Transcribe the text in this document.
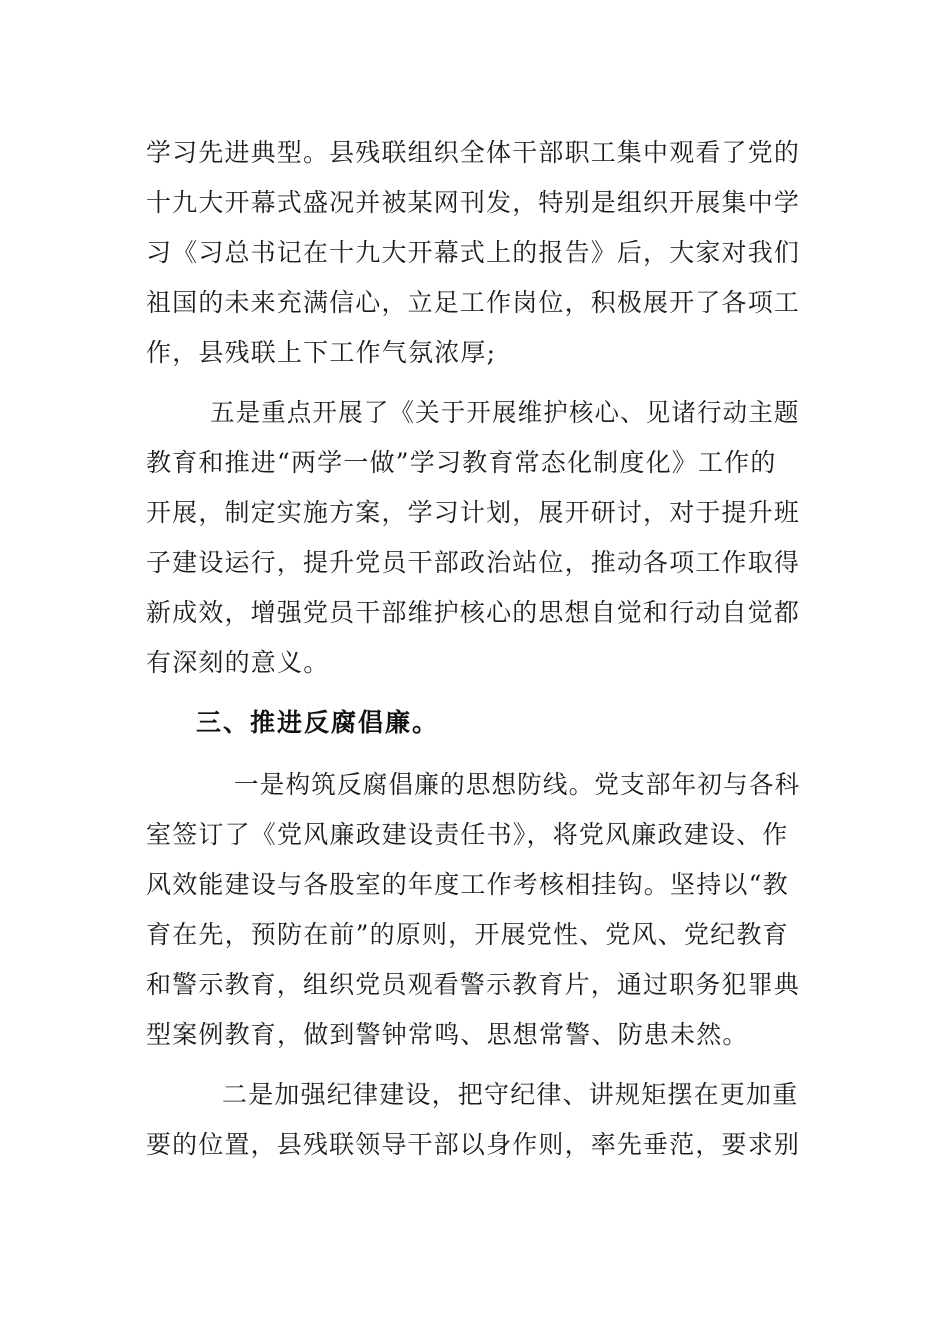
学习先进典型。县残联组织全体干部职工集中观看了党的
十九大开幕式盛况并被某网刊发，特别是组织开展集中学
习《习总书记在十九大开幕式上的报告》后，大家对我们
祖国的未来充满信心，立足工作岗位，积极展开了各项工
作，县残联上下工作气氛浓厚;
五是重点开展了《关于开展维护核心、见诸行动主题
教育和推进“两学一做”学习教育常态化制度化》工作的
开展，制定实施方案，学习计划，展开研讨，对于提升班
子建设运行，提升党员干部政治站位，推动各项工作取得
新成效，增强党员干部维护核心的思想自觉和行动自觉都
有深刻的意义。
三、推进反腐倡廉。
一是构筑反腐倡廉的思想防线。党支部年初与各科
室签订了《党风廉政建设责任书》，将党风廉政建设、作
风效能建设与各股室的年度工作考核相挂钩。坚持以“教
育在先，预防在前”的原则，开展党性、党风、党纪教育
和警示教育，组织党员观看警示教育片，通过职务犯罪典
型案例教育，做到警钟常鸣、思想常警、防患未然。
二是加强纪律建设，把守纪律、讲规矩摆在更加重
要的位置，县残联领导干部以身作则，率先垂范，要求别
